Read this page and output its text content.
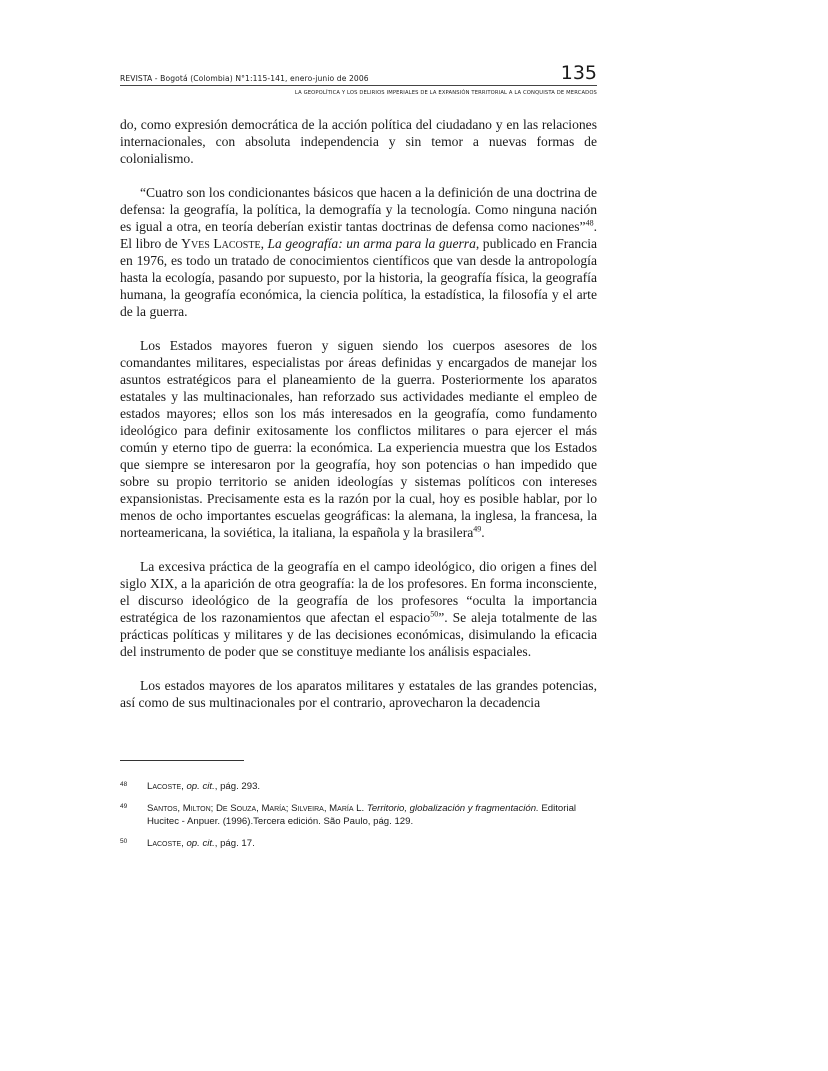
REVISTA - Bogotá (Colombia) N°1:115-141, enero-junio de 2006	135
LA GEOPOLÍTICA Y LOS DELIRIOS IMPERIALES DE LA EXPANSIÓN TERRITORIAL A LA CONQUISTA DE MERCADOS

do, como expresión democrática de la acción política del ciudadano y en las relaciones internacionales, con absoluta independencia y sin temor a nuevas formas de colonialismo.

“Cuatro son los condicionantes básicos que hacen a la definición de una doctrina de defensa: la geografía, la política, la demografía y la tecnología. Como ninguna nación es igual a otra, en teoría deberían existir tantas doctrinas de defensa como naciones”$^{48}$. El libro de Yves Lacoste, La geografía: un arma para la guerra, publicado en Francia en 1976, es todo un tratado de conocimientos científicos que van desde la antropología hasta la ecología, pasando por supuesto, por la historia, la geografía física, la geografía humana, la geografía económica, la ciencia política, la estadística, la filosofía y el arte de la guerra.

Los Estados mayores fueron y siguen siendo los cuerpos asesores de los comandantes militares, especialistas por áreas definidas y encargados de manejar los asuntos estratégicos para el planeamiento de la guerra. Posteriormente los aparatos estatales y las multinacionales, han reforzado sus actividades mediante el empleo de estados mayores; ellos son los más interesados en la geografía, como fundamento ideológico para definir exitosamente los conflictos militares o para ejercer el más común y eterno tipo de guerra: la económica. La experiencia muestra que los Estados que siempre se interesaron por la geografía, hoy son potencias o han impedido que sobre su propio territorio se aniden ideologías y sistemas políticos con intereses expansionistas. Precisamente esta es la razón por la cual, hoy es posible hablar, por lo menos de ocho importantes escuelas geográficas: la alemana, la inglesa, la francesa, la norteamericana, la soviética, la italiana, la española y la brasilera$^{49}$.

La excesiva práctica de la geografía en el campo ideológico, dio origen a fines del siglo XIX, a la aparición de otra geografía: la de los profesores. En forma inconsciente, el discurso ideológico de la geografía de los profesores “oculta la importancia estratégica de los razonamientos que afectan el espacio$^{50}$”. Se aleja totalmente de las prácticas políticas y militares y de las decisiones económicas, disimulando la eficacia del instrumento de poder que se constituye mediante los análisis espaciales.

Los estados mayores de los aparatos militares y estatales de las grandes potencias, así como de sus multinacionales por el contrario, aprovecharon la decadencia

48	Lacoste, op. cit., pág. 293.
49	Santos, Milton; De Souza, María; Silveira, María L. Territorio, globalización y fragmentación. Editorial Hucitec - Anpuer. (1996).Tercera edición. São Paulo, pág. 129.
50	Lacoste, op. cit., pág. 17.
